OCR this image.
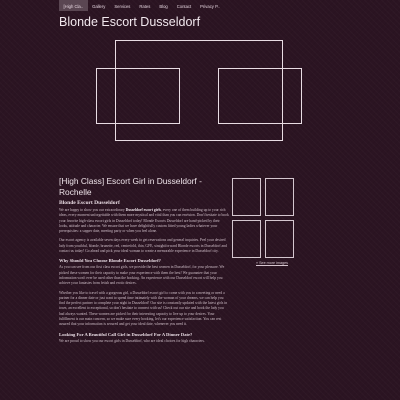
[High Cla..	Gallery	Services	Rates	Blog	Contact	Privacy P..
Blonde Escort Dusseldorf
[High Class] Escort Girl in Dusseldorf - Rochelle
Blonde Escort Dusseldorf

We are happy to show you our extraordinary Dusseldorf escort girls, every one of them building up to your rich ideas, every moment unforgettable with them more mystical and vital than you can envision. Don't hesitate to book your favorite high-class escort girls in Dusseldorf today! Blonde Escorts Dusseldorf are hand-picked by their looks, attitude and character. We ensure that we have delightfully custom fitted young ladies whatever your prerequisites: a supper date, meeting party or when you feel alone.

Our escort agency is available seven days every week to get reservations and general inquiries. Peel your desired lady from youthful, blonde, brunette, red, centrefold, thin, GFE, straightforward Blonde escorts in Dusseldorf and contact us today! Go ahead and pick your ideal woman to create a memorable experience in Dusseldorf city.

Why Should You Choose Blonde Escort Dusseldorf?

As you can see from our first class escort girls, we provide the best women in Dusseldorf, for your pleasure. We picked these women for their capacity to make your experience with them the best! We guarantee that your information won't ever be used other than the booking. An experience with our Dusseldorf escort will help you achieve your fantasies from fetish and erotic desires.

Whether you like to travel with a gorgeous girl, a Dusseldorf escort girl to come with you to a meeting or need a partner for a dinner date or just want to spend time intimately with the woman of your dreams, we can help you find the perfect partner to complete your night in Dusseldorf! Our site is constantly updated with the latest girls in town, an excellent to exceptional, so don't hesitate to connect with us! Check out our site and book the lady you had always wanted. These women are picked for their interesting capacity to live up to your desires. Your fulfillment is our main concern, so we make sure every booking, let's our experience satisfaction. You can rest assured that your information is secured and get your ideal date, whenever you need it.

Looking For A Beautiful Call Girl in Dusseldorf For A Dinner Date?

We are proud to show you our escort girls in Dusseldorf, who are ideal choices for high characters.

» See more images
